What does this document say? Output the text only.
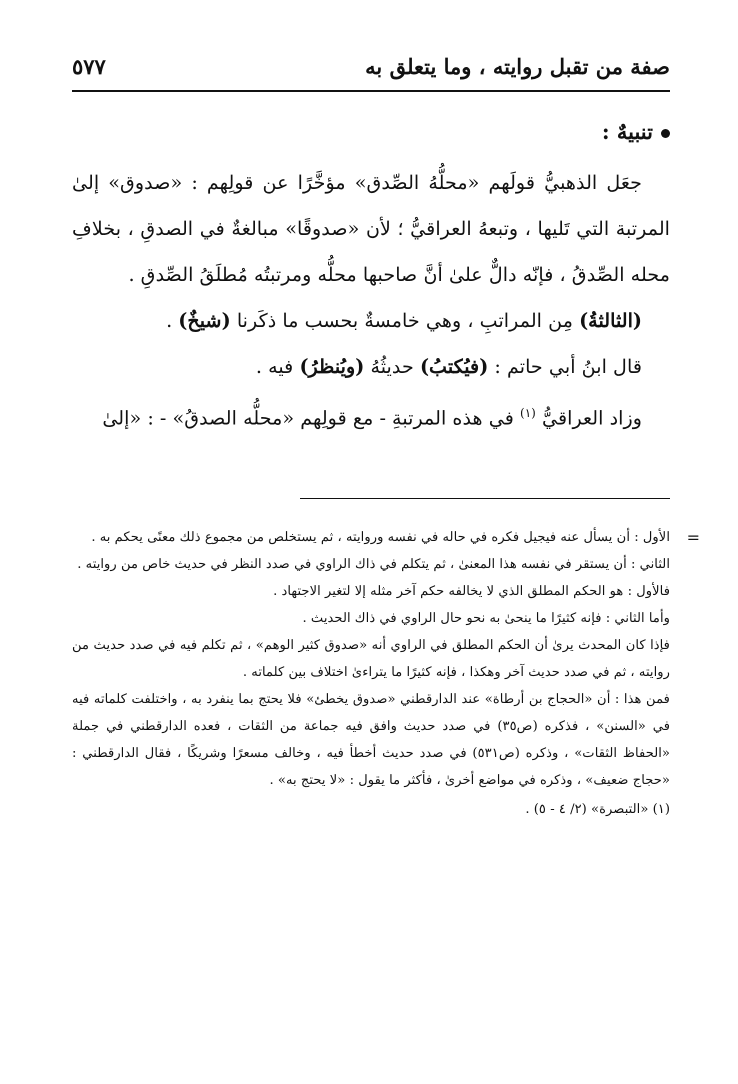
صفة من تقبل روايته ، وما يتعلق به
٥٧٧
تنبيهٌ :

جعَل الذهبيُّ قولَهم «محلُّهُ الصِّدق» مؤخَّرًا عن قولِهم : «صدوق» إلىٰ المرتبة التي تَليها ، وتبعهُ العراقيُّ ؛ لأن «صدوقًا» مبالغةٌ في الصدقِ ، بخلافِ محله الصِّدقُ ، فإنّه دالٌّ علىٰ أنَّ صاحبها محلُّه ومرتبتُه مُطلَقُ الصِّدقِ .

(الثالثةُ) مِن المراتبِ ، وهي خامسةٌ بحسب ما ذكَرنا (شيخٌ) .

قال ابنُ أبي حاتم : (فيُكتبُ) حديثُهُ (ويُنظرُ) فيه .

وزاد العراقيُّ $^{(١)}$ في هذه المرتبةِ - مع قولِهم «محلُّه الصدقُ» - : «إلىٰ

=

الأول : أن يسأل عنه فيجيل فكره في حاله في نفسه وروايته ، ثم يستخلص من مجموع ذلك معنًى يحكم به .

الثاني : أن يستقر في نفسه هذا المعنىٰ ، ثم يتكلم في ذاك الراوي في صدد النظر في حديث خاص من روايته .

فالأول : هو الحكم المطلق الذي لا يخالفه حكم آخر مثله إلا لتغير الاجتهاد .

وأما الثاني : فإنه كثيرًا ما ينحىٰ به نحو حال الراوي في ذاك الحديث .

فإذا كان المحدث يرىٰ أن الحكم المطلق في الراوي أنه «صدوق كثير الوهم» ، ثم تكلم فيه في صدد حديث من روايته ، ثم في صدد حديث آخر وهكذا ، فإنه كثيرًا ما يتراءىٰ اختلاف بين كلماته .

فمن هذا : أن «الحجاج بن أرطاة» عند الدارقطني «صدوق يخطئ» فلا يحتج بما ينفرد به ، واختلفت كلماته فيه في «السنن» ، فذكره (ص٣٥) في صدد حديث وافق فيه جماعة من الثقات ، فعده الدارقطني في جملة «الحفاظ الثقات» ، وذكره (ص٥٣١) في صدد حديث أخطأ فيه ، وخالف مسعرًا وشريكًا ، فقال الدارقطني : «حجاج ضعيف» ، وذكره في مواضع أخرىٰ ، فأكثر ما يقول : «لا يحتج به» .

(١) «التبصرة» (٢/ ٤ - ٥) .
